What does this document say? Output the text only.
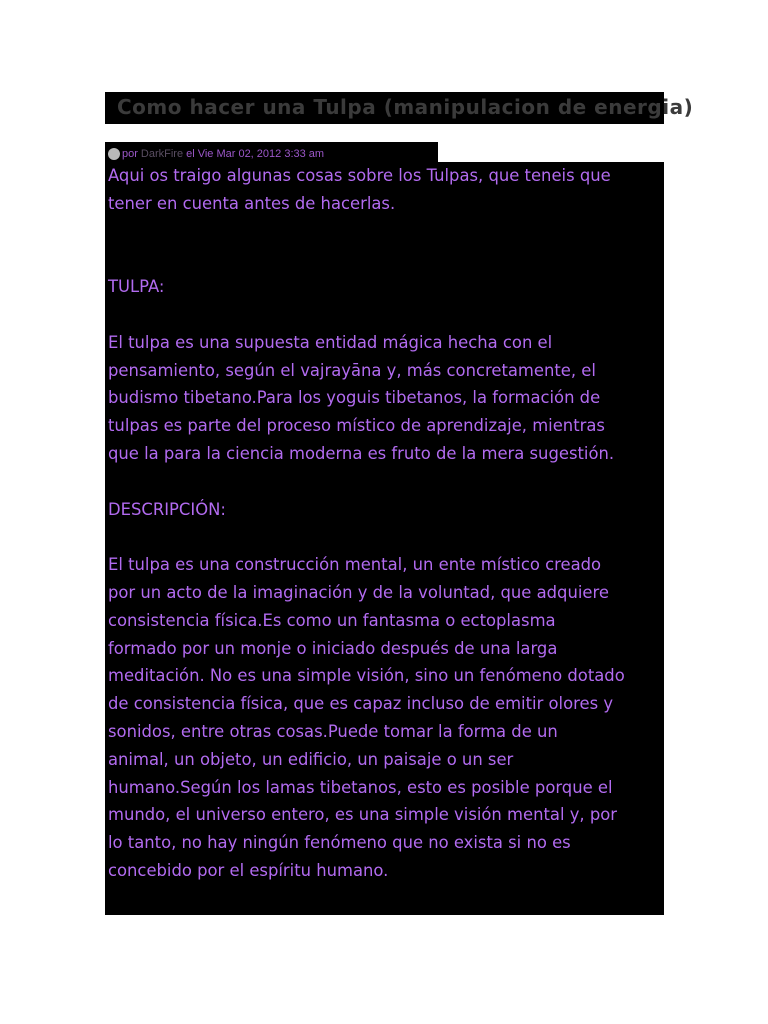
Como hacer una Tulpa (manipulacion de energia)
por DarkFire el Vie Mar 02, 2012 3:33 am

Aqui os traigo algunas cosas sobre los Tulpas, que teneis que
tener en cuenta antes de hacerlas.

TULPA:

El tulpa es una supuesta entidad mágica hecha con el
pensamiento, según el vajrayāna y, más concretamente, el
budismo tibetano.Para los yoguis tibetanos, la formación de
tulpas es parte del proceso místico de aprendizaje, mientras
que la para la ciencia moderna es fruto de la mera sugestión.

DESCRIPCIÓN:

El tulpa es una construcción mental, un ente místico creado
por un acto de la imaginación y de la voluntad, que adquiere
consistencia física.Es como un fantasma o ectoplasma
formado por un monje o iniciado después de una larga
meditación. No es una simple visión, sino un fenómeno dotado
de consistencia física, que es capaz incluso de emitir olores y
sonidos, entre otras cosas.Puede tomar la forma de un
animal, un objeto, un edificio, un paisaje o un ser
humano.Según los lamas tibetanos, esto es posible porque el
mundo, el universo entero, es una simple visión mental y, por
lo tanto, no hay ningún fenómeno que no exista si no es
concebido por el espíritu humano.
